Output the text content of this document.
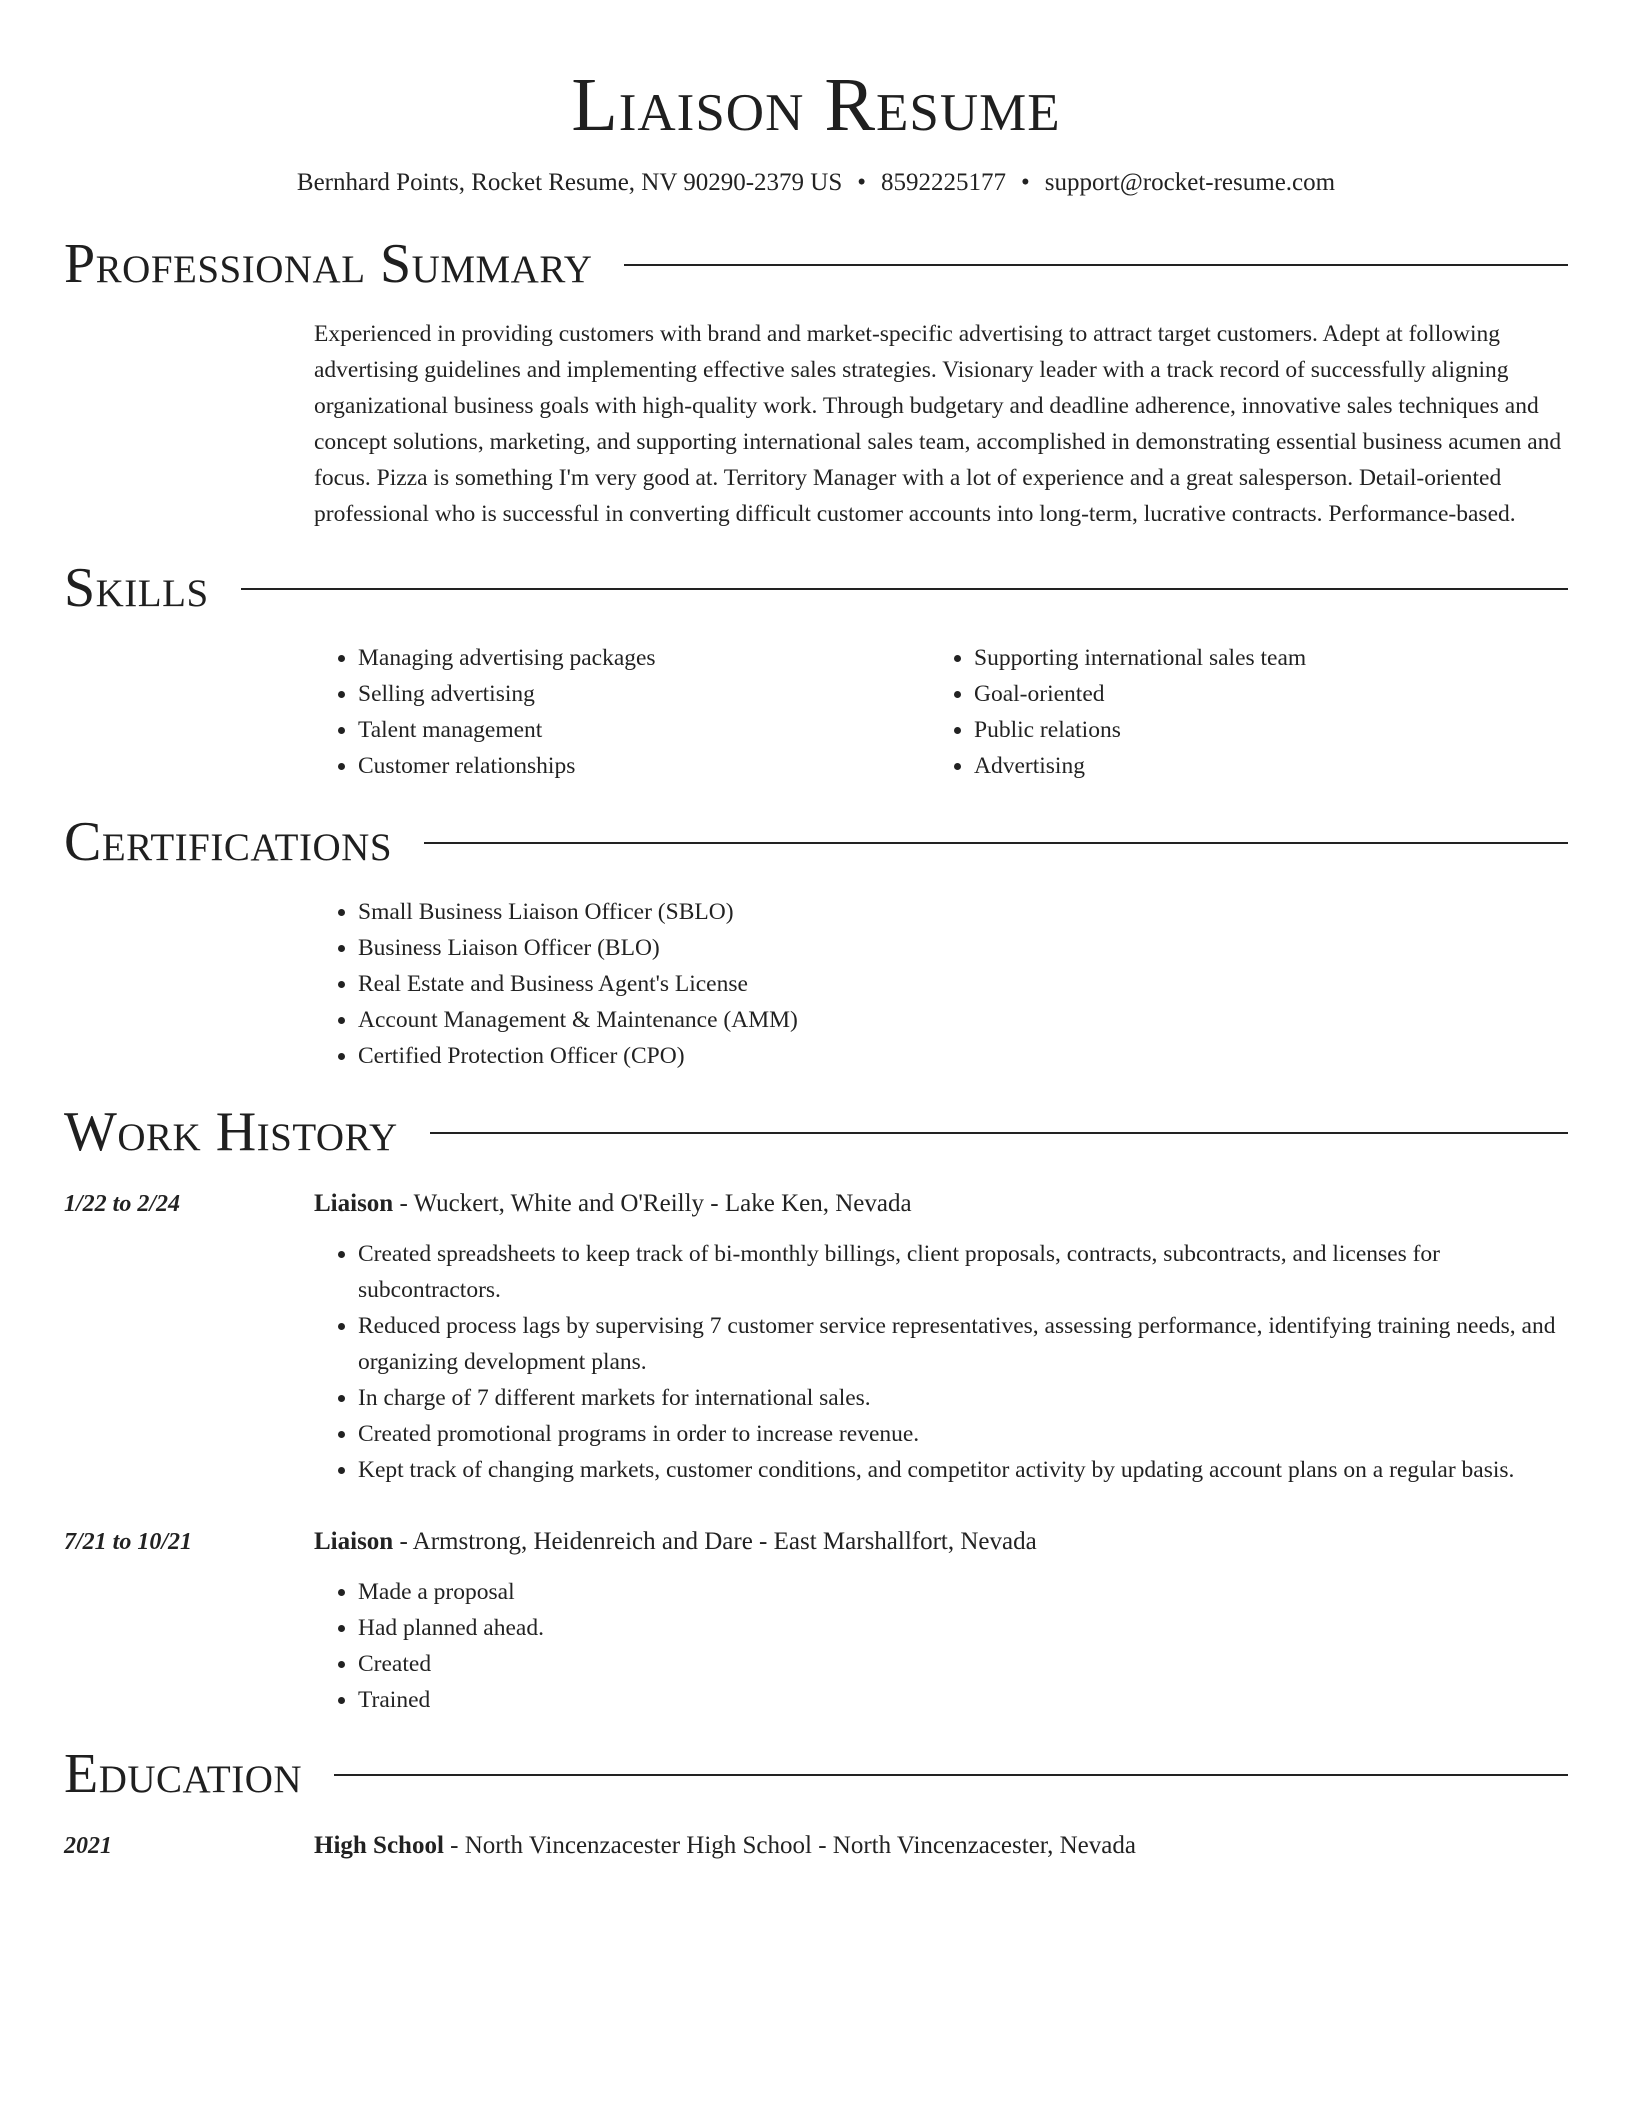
Liaison Resume
Bernhard Points, Rocket Resume, NV 90290-2379 US • 8592225177 • support@rocket-resume.com
Professional Summary

Experienced in providing customers with brand and market-specific advertising to attract target customers. Adept at following advertising guidelines and implementing effective sales strategies. Visionary leader with a track record of successfully aligning organizational business goals with high-quality work. Through budgetary and deadline adherence, innovative sales techniques and concept solutions, marketing, and supporting international sales team, accomplished in demonstrating essential business acumen and focus. Pizza is something I'm very good at. Territory Manager with a lot of experience and a great salesperson. Detail-oriented professional who is successful in converting difficult customer accounts into long-term, lucrative contracts. Performance-based.

Skills
• Managing advertising packages
• Selling advertising
• Talent management
• Customer relationships
• Supporting international sales team
• Goal-oriented
• Public relations
• Advertising
Certifications
• Small Business Liaison Officer (SBLO)
• Business Liaison Officer (BLO)
• Real Estate and Business Agent's License
• Account Management & Maintenance (AMM)
• Certified Protection Officer (CPO)
Work History
1/22 to 2/24	Liaison - Wuckert, White and O'Reilly - Lake Ken, Nevada
• Created spreadsheets to keep track of bi-monthly billings, client proposals, contracts, subcontracts, and licenses for subcontractors.
• Reduced process lags by supervising 7 customer service representatives, assessing performance, identifying training needs, and organizing development plans.
• In charge of 7 different markets for international sales.
• Created promotional programs in order to increase revenue.
• Kept track of changing markets, customer conditions, and competitor activity by updating account plans on a regular basis.
7/21 to 10/21	Liaison - Armstrong, Heidenreich and Dare - East Marshallfort, Nevada
• Made a proposal
• Had planned ahead.
• Created
• Trained
Education
2021	High School - North Vincenzacester High School - North Vincenzacester, Nevada
